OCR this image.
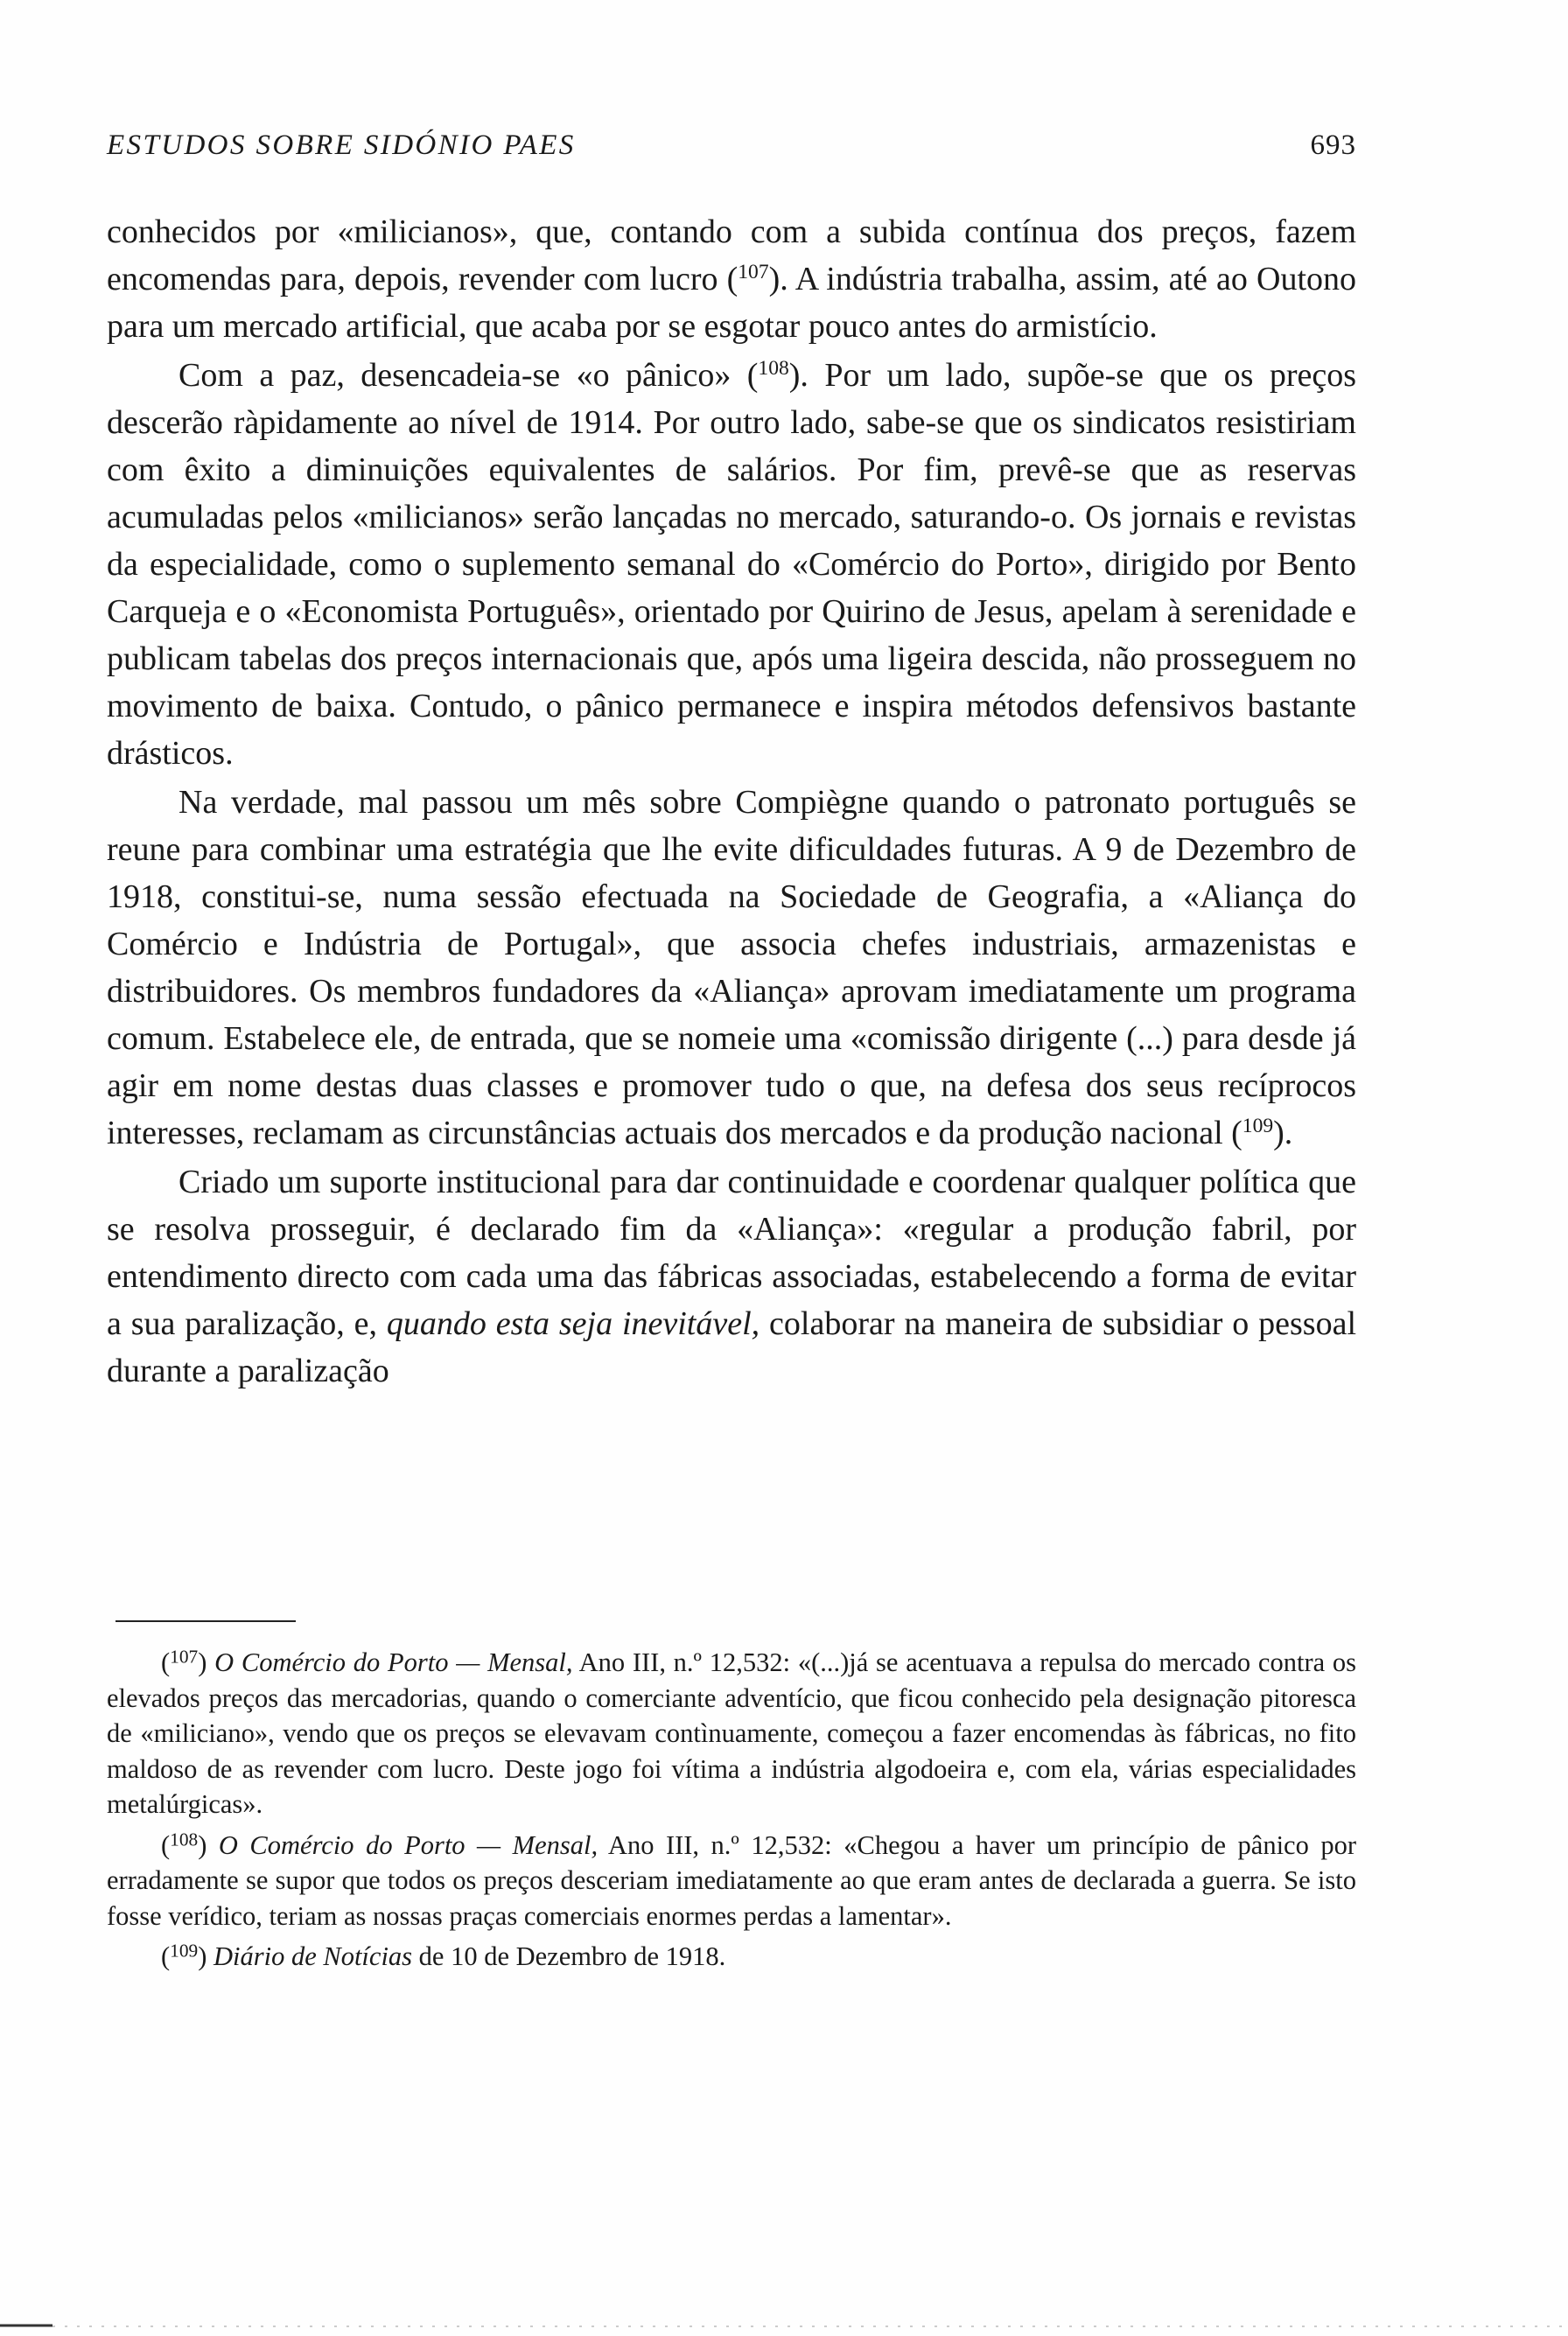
ESTUDOS SOBRE SIDÓNIO PAES	693

conhecidos por «milicianos», que, contando com a subida contínua dos preços, fazem encomendas para, depois, revender com lucro ($^{107}$). A indústria trabalha, assim, até ao Outono para um mercado artificial, que acaba por se esgotar pouco antes do armistício.

Com a paz, desencadeia-se «o pânico» ($^{108}$). Por um lado, supõe-se que os preços descerão ràpidamente ao nível de 1914. Por outro lado, sabe-se que os sindicatos resistiriam com êxito a diminuições equivalentes de salários. Por fim, prevê-se que as reservas acumuladas pelos «milicianos» serão lançadas no mercado, saturando-o. Os jornais e revistas da especialidade, como o suplemento semanal do «Comércio do Porto», dirigido por Bento Carqueja e o «Economista Português», orientado por Quirino de Jesus, apelam à serenidade e publicam tabelas dos preços internacionais que, após uma ligeira descida, não prosseguem no movimento de baixa. Contudo, o pânico permanece e inspira métodos defensivos bastante drásticos.

Na verdade, mal passou um mês sobre Compiègne quando o patronato português se reune para combinar uma estratégia que lhe evite dificuldades futuras. A 9 de Dezembro de 1918, constitui-se, numa sessão efectuada na Sociedade de Geografia, a «Aliança do Comércio e Indústria de Portugal», que associa chefes industriais, armazenistas e distribuidores. Os membros fundadores da «Aliança» aprovam imediatamente um programa comum. Estabelece ele, de entrada, que se nomeie uma «comissão dirigente (...) para desde já agir em nome destas duas classes e promover tudo o que, na defesa dos seus recíprocos interesses, reclamam as circunstâncias actuais dos mercados e da produção nacional ($^{109}$).

Criado um suporte institucional para dar continuidade e coordenar qualquer política que se resolva prosseguir, é declarado fim da «Aliança»: «regular a produção fabril, por entendimento directo com cada uma das fábricas associadas, estabelecendo a forma de evitar a sua paralização, e, quando esta seja inevitável, colaborar na maneira de subsidiar o pessoal durante a paralização

($^{107}$) O Comércio do Porto — Mensal, Ano III, n.º 12,532: «(...)já se acentuava a repulsa do mercado contra os elevados preços das mercadorias, quando o comerciante adventício, que ficou conhecido pela designação pitoresca de «miliciano», vendo que os preços se elevavam contìnuamente, começou a fazer encomendas às fábricas, no fito maldoso de as revender com lucro. Deste jogo foi vítima a indústria algodoeira e, com ela, várias especialidades metalúrgicas».

($^{108}$) O Comércio do Porto — Mensal, Ano III, n.º 12,532: «Chegou a haver um princípio de pânico por erradamente se supor que todos os preços desceriam imediatamente ao que eram antes de declarada a guerra. Se isto fosse verídico, teriam as nossas praças comerciais enormes perdas a lamentar».

($^{109}$) Diário de Notícias de 10 de Dezembro de 1918.
